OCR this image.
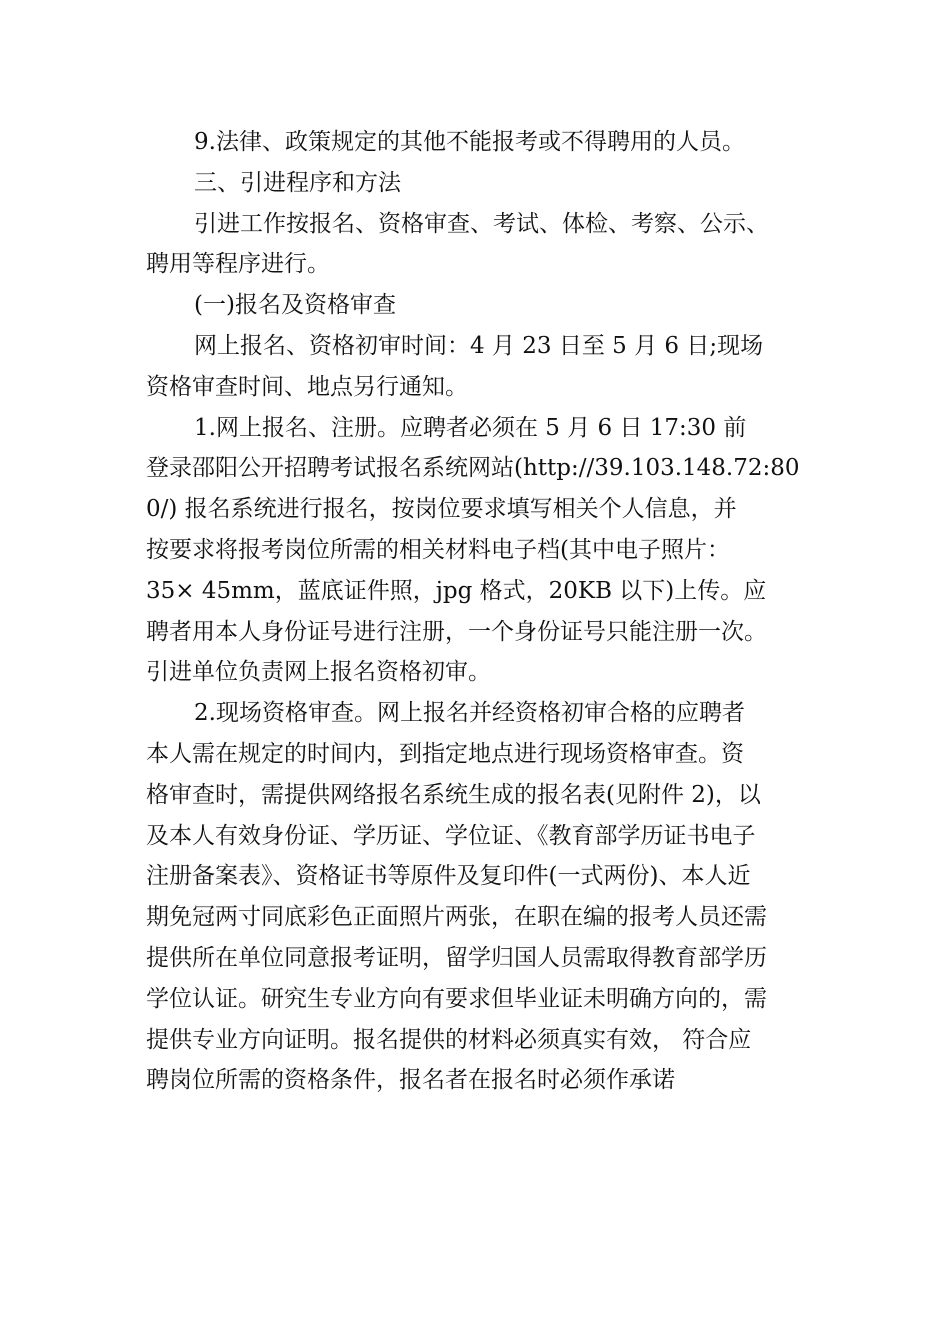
9.法律、政策规定的其他不能报考或不得聘用的人员。

三、引进程序和方法

引进工作按报名、资格审查、考试、体检、考察、公示、
聘用等程序进行。

(一)报名及资格审查

网上报名、资格初审时间：4 月 23 日至 5 月 6 日;现场
资格审查时间、地点另行通知。

1.网上报名、注册。应聘者必须在 5 月 6 日 17:30 前
登录邵阳公开招聘考试报名系统网站(http://39.103.148.72:80
0/) 报名系统进行报名，按岗位要求填写相关个人信息，并
按要求将报考岗位所需的相关材料电子档(其中电子照片：
35× 45mm，蓝底证件照，jpg 格式，20KB 以下)上传。应
聘者用本人身份证号进行注册，一个身份证号只能注册一次。
引进单位负责网上报名资格初审。

2.现场资格审查。网上报名并经资格初审合格的应聘者
本人需在规定的时间内，到指定地点进行现场资格审查。资
格审查时，需提供网络报名系统生成的报名表(见附件 2)，以
及本人有效身份证、学历证、学位证、《教育部学历证书电子
注册备案表》、资格证书等原件及复印件(一式两份)、本人近
期免冠两寸同底彩色正面照片两张，在职在编的报考人员还需
提供所在单位同意报考证明，留学归国人员需取得教育部学历
学位认证。研究生专业方向有要求但毕业证未明确方向的，需
提供专业方向证明。报名提供的材料必须真实有效， 符合应
聘岗位所需的资格条件，报名者在报名时必须作承诺
